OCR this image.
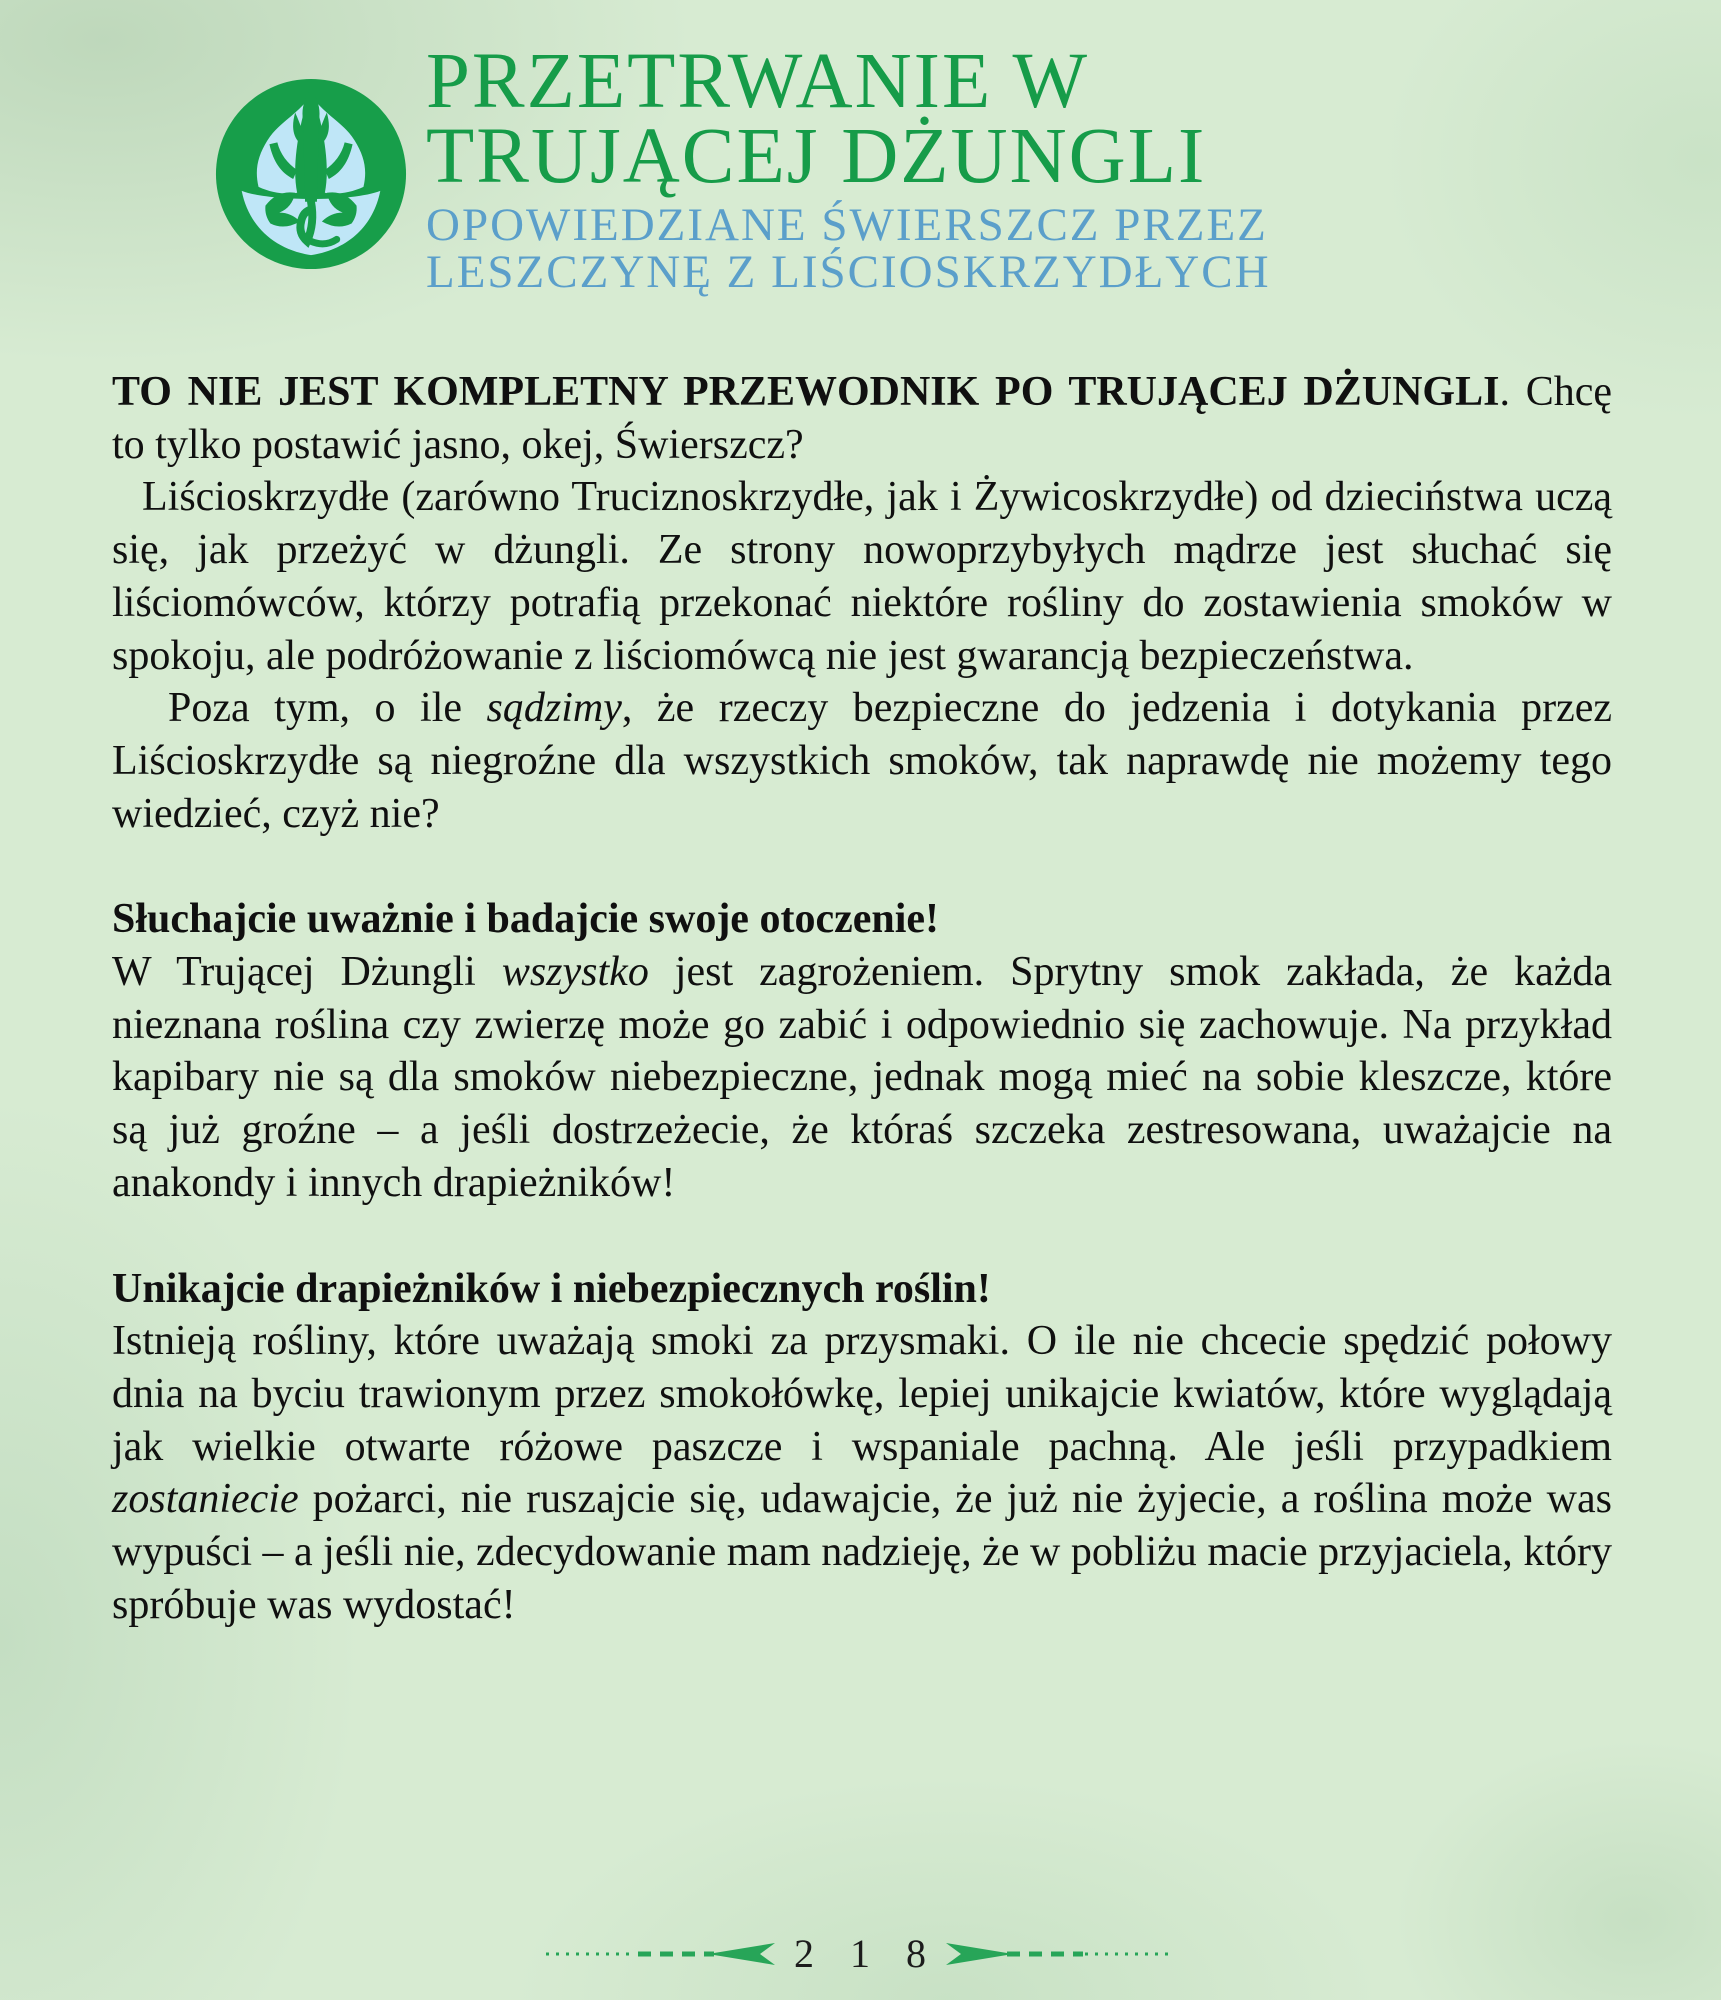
PRZETRWANIE W
TRUJĄCEJ DŻUNGLI
OPOWIEDZIANE ŚWIERSZCZ PRZEZ
LESZCZYNĘ Z LIŚCIOSKRZYDŁYCH

TO NIE JEST KOMPLETNY PRZEWODNIK PO TRUJĄCEJ DŻUNGLI. Chcę to tylko postawić jasno, okej, Świerszcz?

Liścioskrzydłe (zarówno Truciznoskrzydłe, jak i Żywicoskrzydłe) od dzieciństwa uczą się, jak przeżyć w dżungli. Ze strony nowoprzybyłych mądrze jest słuchać się liściomówców, którzy potrafią przekonać niektóre rośliny do zostawienia smoków w spokoju, ale podróżowanie z liściomówcą nie jest gwarancją bezpieczeństwa.

Poza tym, o ile sądzimy, że rzeczy bezpieczne do jedzenia i dotykania przez Liścioskrzydłe są niegroźne dla wszystkich smoków, tak naprawdę nie możemy tego wiedzieć, czyż nie?

Słuchajcie uważnie i badajcie swoje otoczenie!

W Trującej Dżungli wszystko jest zagrożeniem. Sprytny smok zakłada, że każda nieznana roślina czy zwierzę może go zabić i odpowiednio się zachowuje. Na przykład kapibary nie są dla smoków niebezpieczne, jednak mogą mieć na sobie kleszcze, które są już groźne – a jeśli dostrzeżecie, że któraś szczeka zestresowana, uważajcie na anakondy i innych drapieżników!

Unikajcie drapieżników i niebezpiecznych roślin!

Istnieją rośliny, które uważają smoki za przysmaki. O ile nie chcecie spędzić połowy dnia na byciu trawionym przez smokołówkę, lepiej unikajcie kwiatów, które wyglądają jak wielkie otwarte różowe paszcze i wspaniale pachną. Ale jeśli przypadkiem zostaniecie pożarci, nie ruszajcie się, udawajcie, że już nie żyjecie, a roślina może was wypuści – a jeśli nie, zdecydowanie mam nadzieję, że w pobliżu macie przyjaciela, który spróbuje was wydostać!

2 1 8
